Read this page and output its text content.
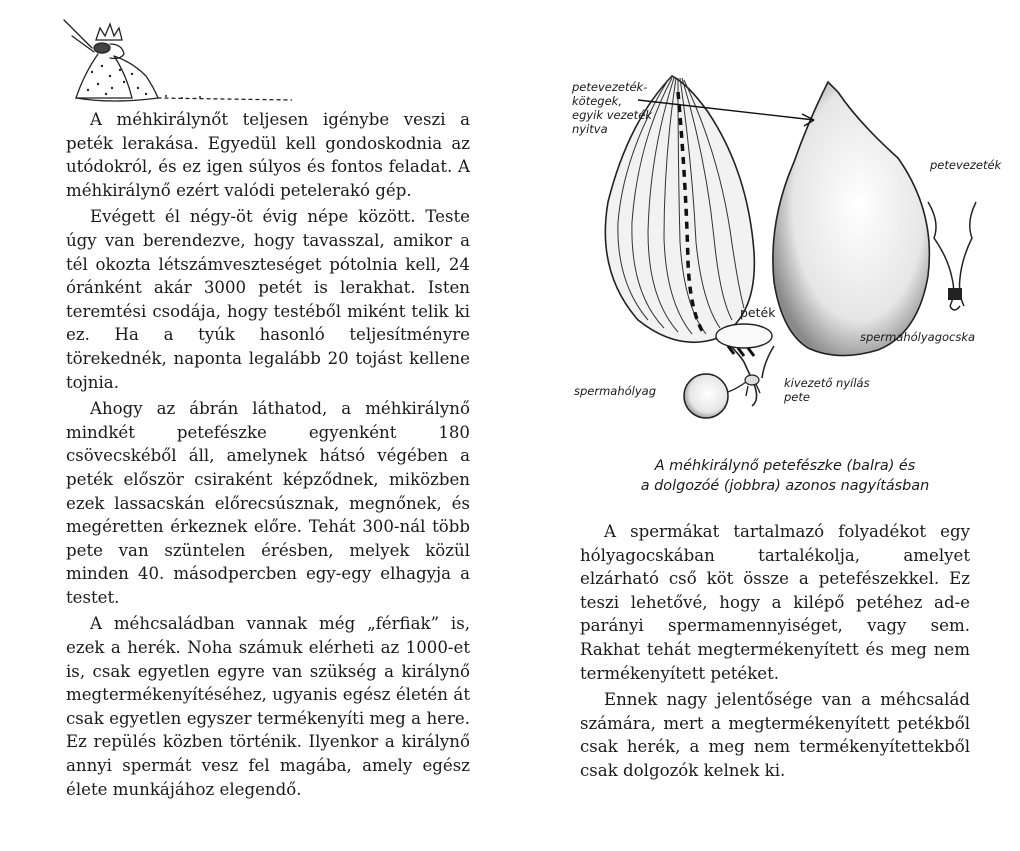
A méhkirálynőt teljesen igénybe veszi a peték lerakása. Egyedül kell gondoskodnia az utódokról, és ez igen súlyos és fontos feladat. A méhkirálynő ezért valódi petelerakó gép.

Evégett él négy-öt évig népe között. Teste úgy van berendezve, hogy tavasszal, amikor a tél okozta létszámveszteséget pótolnia kell, 24 óránként akár 3000 petét is lerakhat. Isten teremtési csodája, hogy testéből miként telik ki ez. Ha a tyúk hasonló teljesítményre törekednék, naponta legalább 20 tojást kellene tojnia.

Ahogy az ábrán láthatod, a méhkirálynő mindkét petefészke egyenként 180 csövecskéből áll, amelynek hátsó végében a peték először csiraként képződnek, miközben ezek lassacskán előrecsúsznak, megnőnek, és megéretten érkeznek előre. Tehát 300-nál több pete van szüntelen érésben, melyek közül minden 40. másodpercben egy-egy elhagyja a testet.

A méhcsaládban vannak még „férfiak” is, ezek a herék. Noha számuk elérheti az 1000-et is, csak egyetlen egyre van szükség a királynő megtermékenyítéséhez, ugyanis egész életén át csak egyetlen egyszer termékenyíti meg a here. Ez repülés közben történik. Ilyenkor a királynő annyi spermát vesz fel magába, amely egész élete munkájához elegendő.

petevezeték-
kötegek,
egyik vezeték
nyitva
petevezeték
peték
spermahólyagocska
spermahólyag
kivezető nyílás
pete
A méhkirálynő petefészke (balra) és
a dolgozóé (jobbra) azonos nagyításban

A spermákat tartalmazó folyadékot egy hólyagocskában tartalékolja, amelyet elzárható cső köt össze a petefészekkel. Ez teszi lehetővé, hogy a kilépő petéhez ad-e parányi spermamennyiséget, vagy sem. Rakhat tehát megtermékenyített és meg nem termékenyített petéket.

Ennek nagy jelentősége van a méhcsalád számára, mert a megtermékenyített petékből csak herék, a meg nem termékenyítettekből csak dolgozók kelnek ki.
